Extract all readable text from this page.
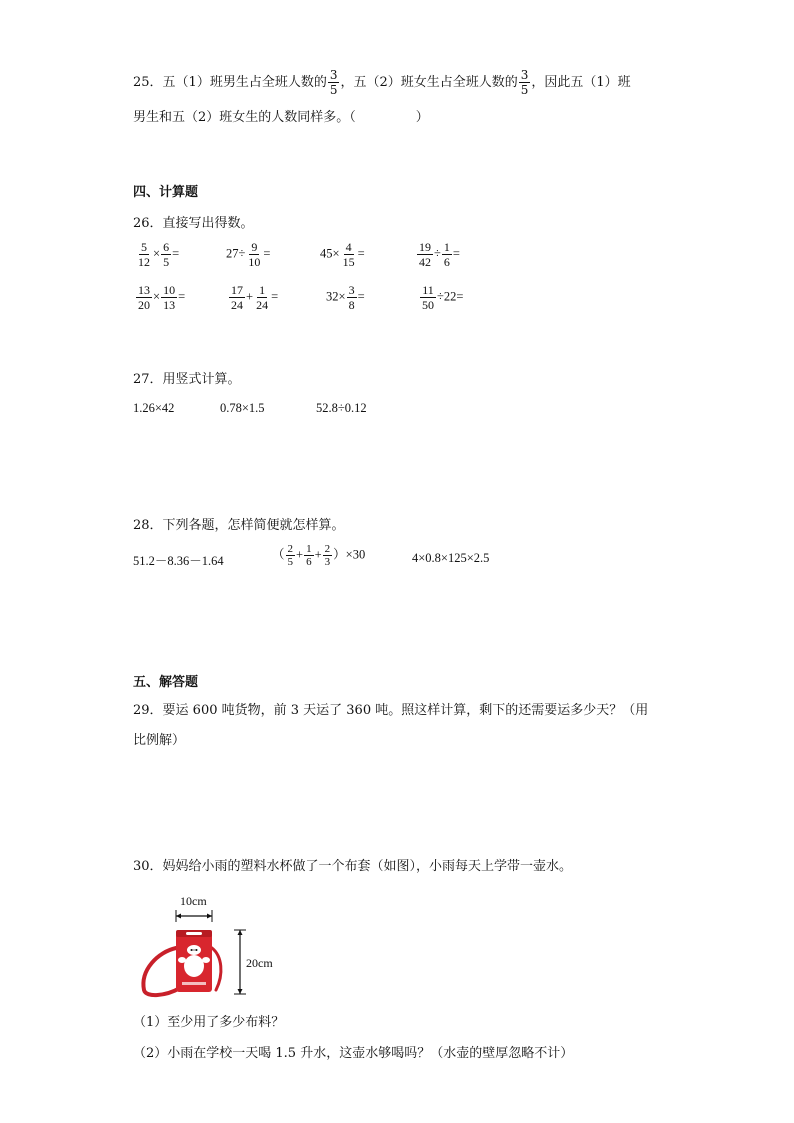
25．五（1）班男生占全班人数的 $\frac{3}{5}$ ，五（2）班女生占全班人数的 $\frac{3}{5}$ ，因此五（1）班
男生和五（2）班女生的人数同样多。（	）
四、计算题
26．直接写出得数。
$\frac{5}{12} \times \frac{6}{5}$ =	$27\div \frac{9}{10}$ =	$45\times \frac{4}{15}$ =	$\frac{19}{42} \div \frac{1}{6}$ =
$\frac{13}{20} \times \frac{10}{13}$ =	$\frac{17}{24} + \frac{1}{24}$ =	$32\times \frac{3}{8}$ =	$\frac{11}{50} \div 22=$
27．用竖式计算。
1.26×42	0.78×1.5	52.8÷0.12
28．下列各题，怎样简便就怎样算。
51.2－8.36－1.64	（ $\frac{2}{5} + \frac{1}{6} + \frac{2}{3} )\times 30$	4×0.8×125×2.5
五、解答题
29．要运 600 吨货物，前 3 天运了 360 吨。照这样计算，剩下的还需要运多少天？（用
比例解）
30．妈妈给小雨的塑料水杯做了一个布套（如图），小雨每天上学带一壶水。
10cm
20cm
（1）至少用了多少布料？
（2）小雨在学校一天喝 1.5 升水，这壶水够喝吗？（水壶的壁厚忽略不计）
